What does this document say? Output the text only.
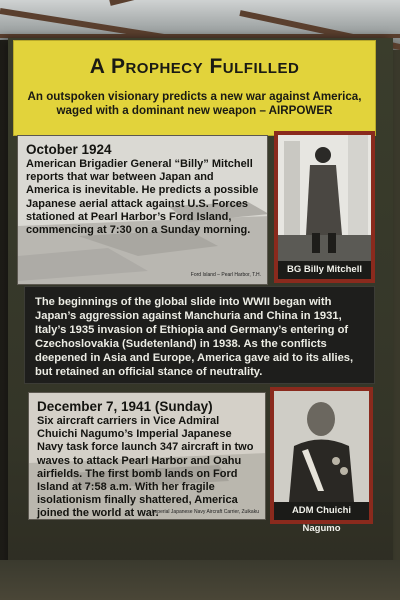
A Prophecy Fulfilled
An outspoken visionary predicts a new war against America, waged with a dominant new weapon – AIRPOWER
October 1924
American Brigadier General “Billy” Mitchell reports that war between Japan and America is inevitable. He predicts a possible Japanese aerial attack against U.S. Forces stationed at Pearl Harbor’s Ford Island, commencing at 7:30 on a Sunday morning.
Ford Island – Pearl Harbor, T.H.	BG Billy Mitchell
The beginnings of the global slide into WWII began with Japan’s aggression against Manchuria and China in 1931, Italy’s 1935 invasion of Ethiopia and Germany’s entering of Czechoslovakia (Sudetenland) in 1938. As the conflicts deepened in Asia and Europe, America gave aid to its allies, but retained an official stance of neutrality.
December 7, 1941 (Sunday)
Six aircraft carriers in Vice Admiral Chuichi Nagumo’s Imperial Japanese Navy task force launch 347 aircraft in two waves to attack Pearl Harbor and Oahu airfields. The first bomb lands on Ford Island at 7:58 a.m. With her fragile isolationism finally shattered, America joined the world at war.
Imperial Japanese Navy Aircraft Carrier, Zuikaku	ADM Chuichi Nagumo
